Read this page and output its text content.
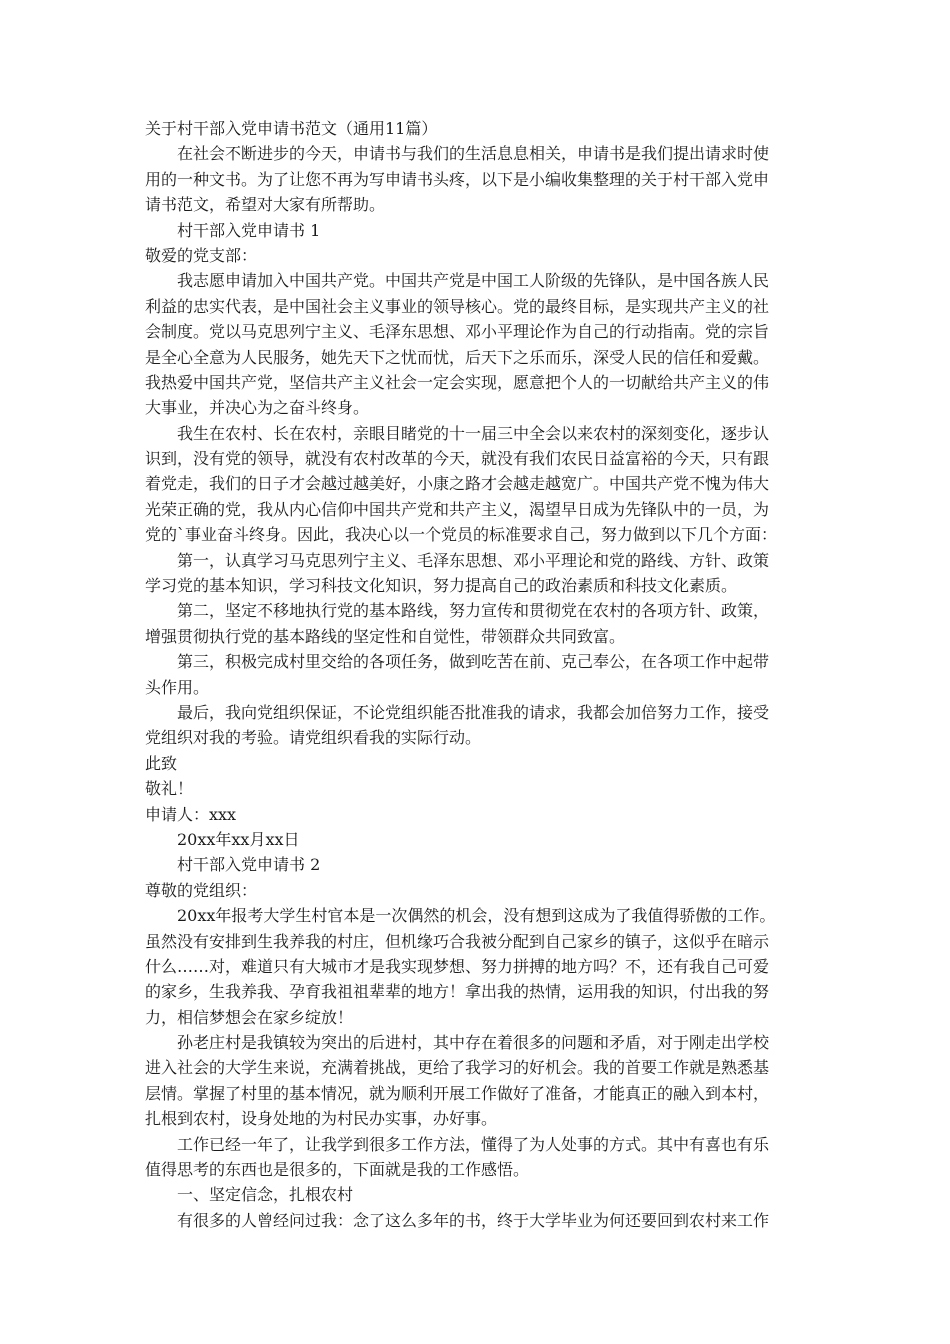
关于村干部入党申请书范文（通用11篇）
在社会不断进步的今天，申请书与我们的生活息息相关，申请书是我们提出请求时使
用的一种文书。为了让您不再为写申请书头疼，以下是小编收集整理的关于村干部入党申
请书范文，希望对大家有所帮助。
村干部入党申请书 1
敬爱的党支部：
我志愿申请加入中国共产党。中国共产党是中国工人阶级的先锋队，是中国各族人民
利益的忠实代表，是中国社会主义事业的领导核心。党的最终目标，是实现共产主义的社
会制度。党以马克思列宁主义、毛泽东思想、邓小平理论作为自己的行动指南。党的宗旨
是全心全意为人民服务，她先天下之忧而忧，后天下之乐而乐，深受人民的信任和爱戴。
我热爱中国共产党，坚信共产主义社会一定会实现，愿意把个人的一切献给共产主义的伟
大事业，并决心为之奋斗终身。
我生在农村、长在农村，亲眼目睹党的十一届三中全会以来农村的深刻变化，逐步认
识到，没有党的领导，就没有农村改革的今天，就没有我们农民日益富裕的今天，只有跟
着党走，我们的日子才会越过越美好，小康之路才会越走越宽广。中国共产党不愧为伟大
光荣正确的党，我从内心信仰中国共产党和共产主义，渴望早日成为先锋队中的一员，为
党的`事业奋斗终身。因此，我决心以一个党员的标准要求自己，努力做到以下几个方面：
第一，认真学习马克思列宁主义、毛泽东思想、邓小平理论和党的路线、方针、政策
学习党的基本知识，学习科技文化知识，努力提高自己的政治素质和科技文化素质。
第二，坚定不移地执行党的基本路线，努力宣传和贯彻党在农村的各项方针、政策，
增强贯彻执行党的基本路线的坚定性和自觉性，带领群众共同致富。
第三，积极完成村里交给的各项任务，做到吃苦在前、克己奉公，在各项工作中起带
头作用。
最后，我向党组织保证，不论党组织能否批准我的请求，我都会加倍努力工作，接受
党组织对我的考验。请党组织看我的实际行动。
此致
敬礼！
申请人：xxx
20xx年xx月xx日
村干部入党申请书 2
尊敬的党组织：
20xx年报考大学生村官本是一次偶然的机会，没有想到这成为了我值得骄傲的工作。
虽然没有安排到生我养我的村庄，但机缘巧合我被分配到自己家乡的镇子，这似乎在暗示
什么……对，难道只有大城市才是我实现梦想、努力拼搏的地方吗？不，还有我自己可爱
的家乡，生我养我、孕育我祖祖辈辈的地方！拿出我的热情，运用我的知识，付出我的努
力，相信梦想会在家乡绽放！
孙老庄村是我镇较为突出的后进村，其中存在着很多的问题和矛盾，对于刚走出学校
进入社会的大学生来说，充满着挑战，更给了我学习的好机会。我的首要工作就是熟悉基
层情。掌握了村里的基本情况，就为顺利开展工作做好了准备，才能真正的融入到本村，
扎根到农村，设身处地的为村民办实事，办好事。
工作已经一年了，让我学到很多工作方法，懂得了为人处事的方式。其中有喜也有乐
值得思考的东西也是很多的，下面就是我的工作感悟。
一、坚定信念，扎根农村
有很多的人曾经问过我：念了这么多年的书，终于大学毕业为何还要回到农村来工作
